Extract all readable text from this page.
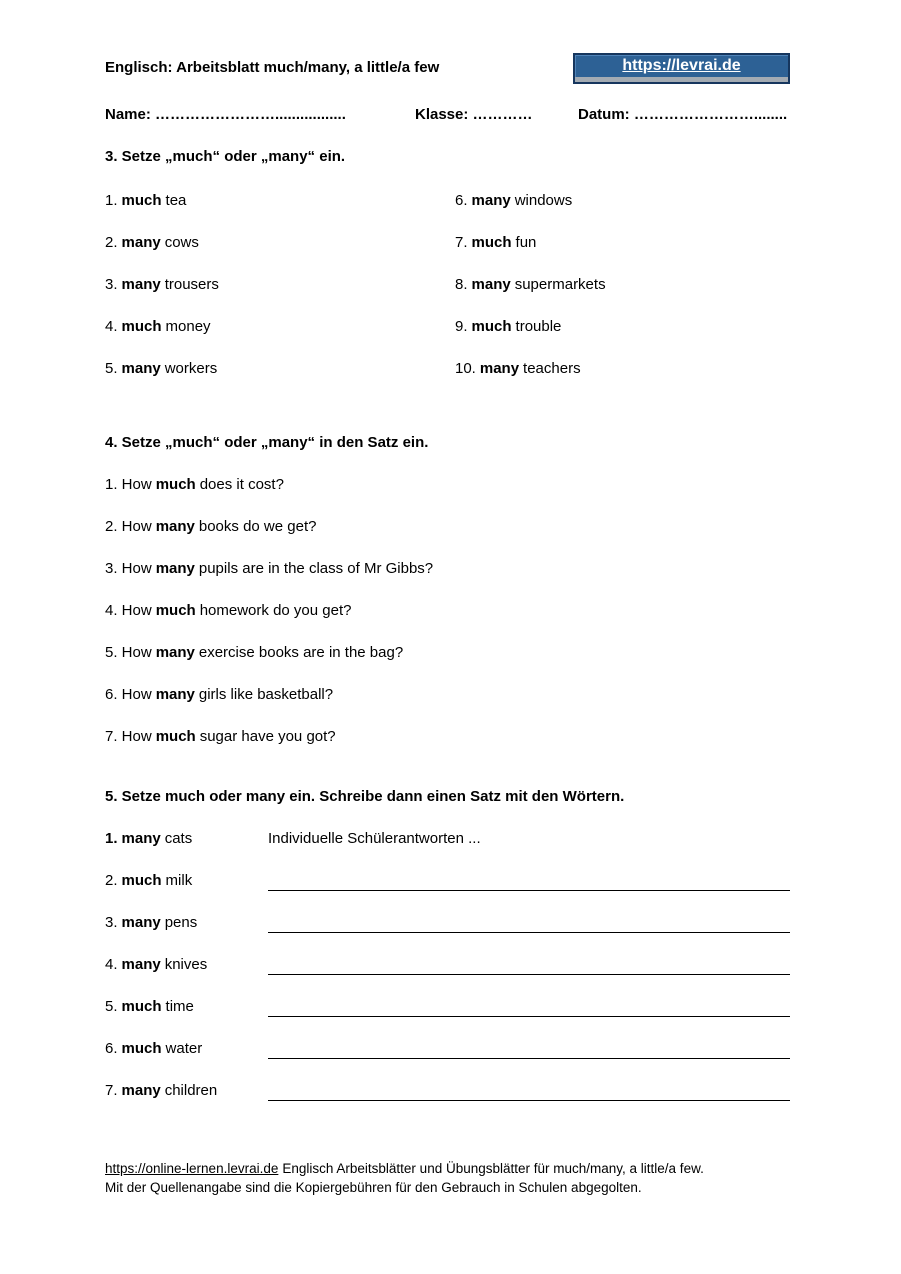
Englisch: Arbeitsblatt much/many, a little/a few	https://levrai.de
Name: …………………….................	Klasse: …………	Datum: ……………………........
3. Setze „much“ oder „many“ ein.

1. much tea	6. many windows

2. many cows	7. much fun

3. many trousers	8. many supermarkets

4. much money	9. much trouble

5. many workers	10. many teachers

4. Setze „much“ oder „many“ in den Satz ein.

1. How much does it cost?

2. How many books do we get?

3. How many pupils are in the class of Mr Gibbs?

4. How much homework do you get?

5. How many exercise books are in the bag?

6. How many girls like basketball?

7. How much sugar have you got?

5. Setze much oder many ein. Schreibe dann einen Satz mit den Wörtern.

1. many cats	Individuelle Schülerantworten ...

2. much milk

3. many pens

4. many knives

5. much time

6. much water

7. many children

https://online-lernen.levrai.de Englisch Arbeitsblätter und Übungsblätter für much/many, a little/a few.

Mit der Quellenangabe sind die Kopiergebühren für den Gebrauch in Schulen abgegolten.
